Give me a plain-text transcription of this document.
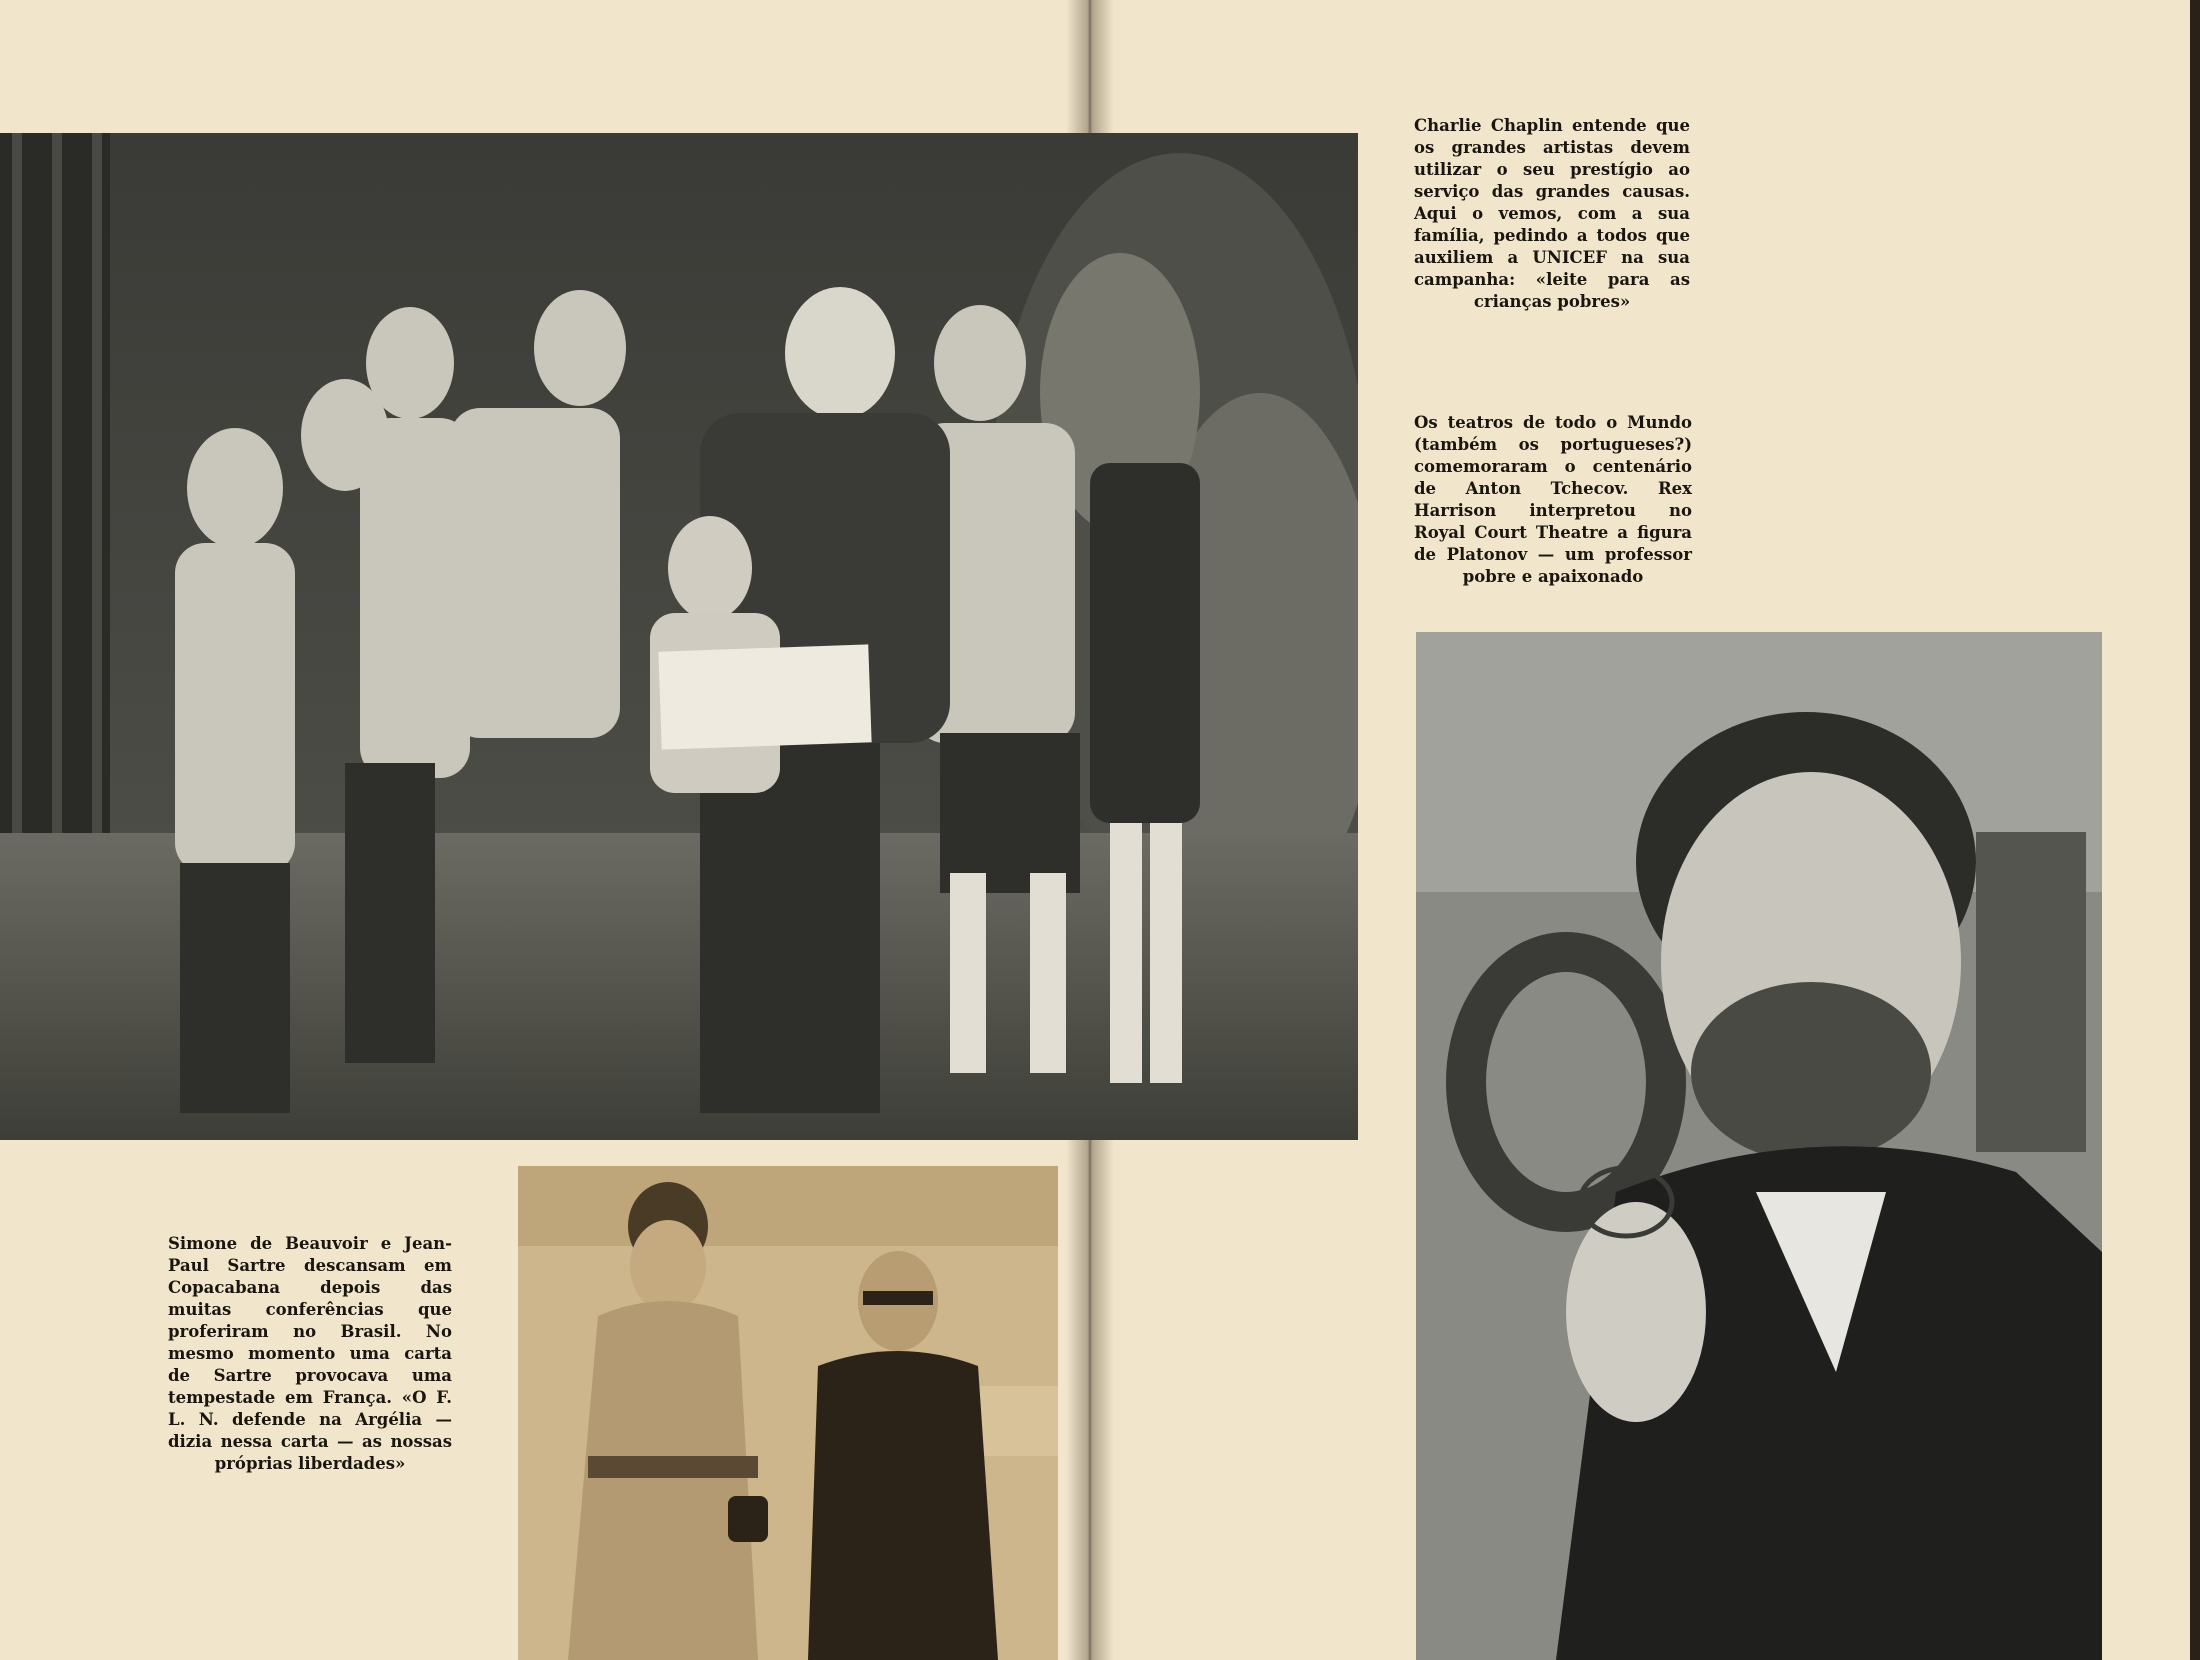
Charlie Chaplin entende que os grandes artistas devem utilizar o seu prestígio ao serviço das grandes causas. Aqui o vemos, com a sua família, pedindo a todos que auxiliem a UNICEF na sua campanha: «leite para as crianças pobres»

Os teatros de todo o Mundo (também os portugueses?) comemoraram o centenário de Anton Tchecov. Rex Harrison interpretou no Royal Court Theatre a figura de Platonov — um professor pobre e apaixonado

Simone de Beauvoir e Jean-Paul Sartre descansam em Copacabana depois das muitas conferências que proferiram no Brasil. No mesmo momento uma carta de Sartre provocava uma tempestade em França. «O F. L. N. defende na Argélia — dizia nessa carta — as nossas próprias liberdades»
